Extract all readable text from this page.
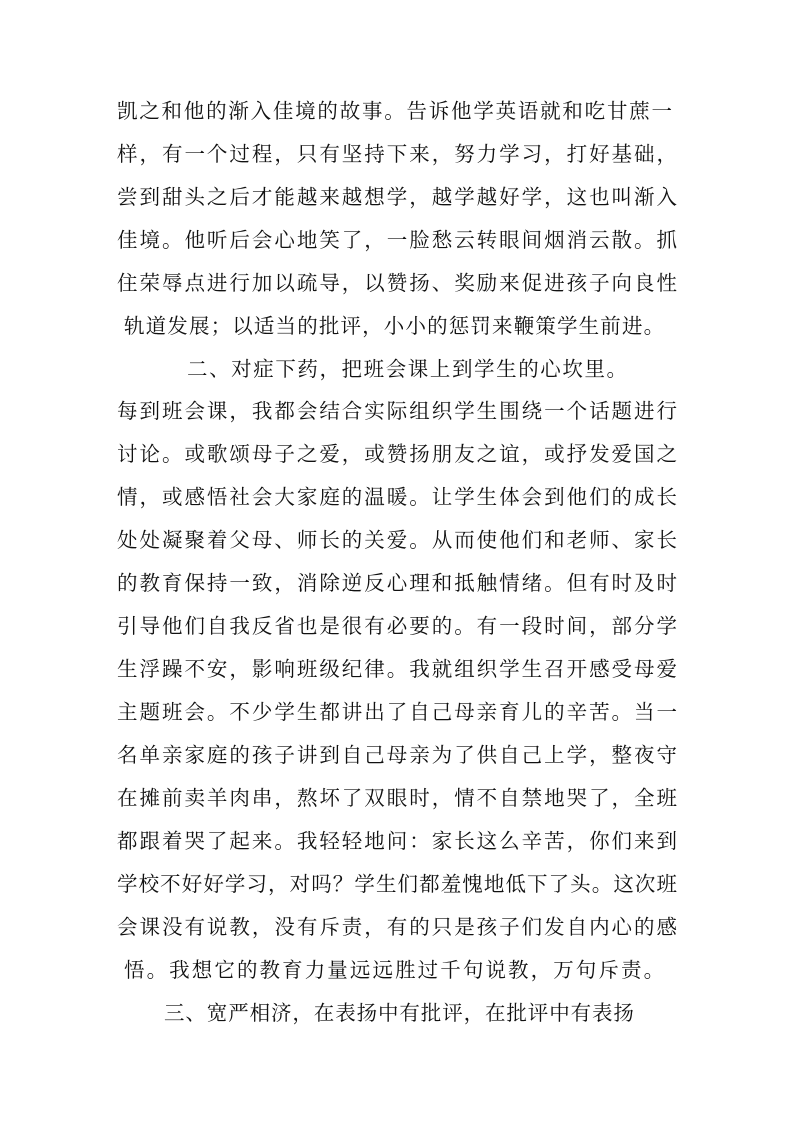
凯之和他的渐入佳境的故事。告诉他学英语就和吃甘蔗一
样，有一个过程，只有坚持下来，努力学习，打好基础，
尝到甜头之后才能越来越想学，越学越好学，这也叫渐入
佳境。他听后会心地笑了，一脸愁云转眼间烟消云散。抓
住荣辱点进行加以疏导，以赞扬、奖励来促进孩子向良性
轨道发展；以适当的批评，小小的惩罚来鞭策学生前进。
二、对症下药，把班会课上到学生的心坎里。
每到班会课，我都会结合实际组织学生围绕一个话题进行
讨论。或歌颂母子之爱，或赞扬朋友之谊，或抒发爱国之
情，或感悟社会大家庭的温暖。让学生体会到他们的成长
处处凝聚着父母、师长的关爱。从而使他们和老师、家长
的教育保持一致，消除逆反心理和抵触情绪。但有时及时
引导他们自我反省也是很有必要的。有一段时间，部分学
生浮躁不安，影响班级纪律。我就组织学生召开感受母爱
主题班会。不少学生都讲出了自己母亲育儿的辛苦。当一
名单亲家庭的孩子讲到自己母亲为了供自己上学，整夜守
在摊前卖羊肉串，熬坏了双眼时，情不自禁地哭了，全班
都跟着哭了起来。我轻轻地问：家长这么辛苦，你们来到
学校不好好学习，对吗？学生们都羞愧地低下了头。这次班
会课没有说教，没有斥责，有的只是孩子们发自内心的感
悟。我想它的教育力量远远胜过千句说教，万句斥责。
三、宽严相济，在表扬中有批评，在批评中有表扬
